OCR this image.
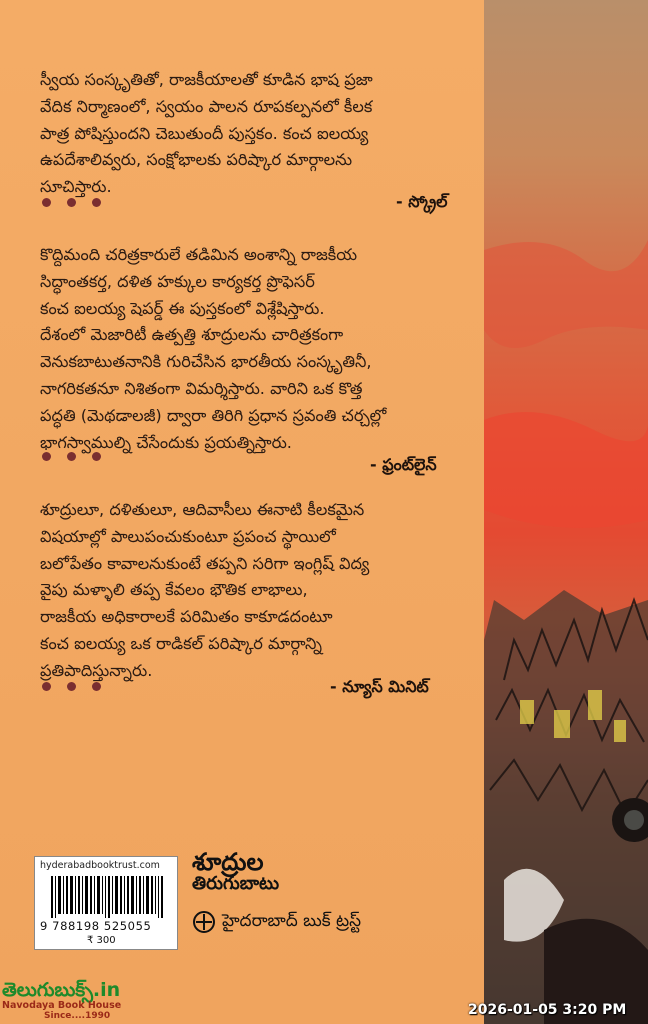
స్వీయ సంస్కృతితో, రాజకీయాలతో కూడిన భాష ప్రజా

వేదిక నిర్మాణంలో, స్వయం పాలన రూపకల్పనలో కీలక

పాత్ర పోషిస్తుందని చెబుతుందీ పుస్తకం. కంచ ఐలయ్య

ఉపదేశాలివ్వరు, సంక్షోభాలకు పరిష్కార మార్గాలను

సూచిస్తారు.

- స్క్రోల్

కొద్దిమంది చరిత్రకారులే తడిమిన అంశాన్ని రాజకీయ

సిద్ధాంతకర్త, దళిత హక్కుల కార్యకర్త ప్రొఫెసర్

కంచ ఐలయ్య షెపర్డ్ ఈ పుస్తకంలో విశ్లేషిస్తారు.

దేశంలో మెజారిటీ ఉత్పత్తి శూద్రులను చారిత్రకంగా

వెనుకబాటుతనానికి గురిచేసిన భారతీయ సంస్కృతినీ,

నాగరికతనూ నిశితంగా విమర్శిస్తారు. వారిని ఒక కొత్త

పద్ధతి (మెథడాలజీ) ద్వారా తిరిగి ప్రధాన స్రవంతి చర్చల్లో

భాగస్వాముల్ని చేసేందుకు ప్రయత్నిస్తారు.

- ఫ్రంట్‌లైన్

శూద్రులూ, దళితులూ, ఆదివాసీలు ఈనాటి కీలకమైన

విషయాల్లో పాలుపంచుకుంటూ ప్రపంచ స్థాయిలో

బలోపేతం కావాలనుకుంటే తప్పని సరిగా ఇంగ్లిష్ విద్య

వైపు మళ్ళాలి తప్ప కేవలం భౌతిక లాభాలు,

రాజకీయ అధికారాలకే పరిమితం కాకూడదంటూ

కంచ ఐలయ్య ఒక రాడికల్ పరిష్కార మార్గాన్ని

ప్రతిపాదిస్తున్నారు.

- న్యూస్ మినిట్
hyderabadbooktrust.com
9 788198 525055
₹ 300
శూద్రుల
తిరుగుబాటు
హైదరాబాద్ బుక్ ట్రస్ట్
తెలుగుబుక్స్.in
Navodaya Book House
Since....1990	2026-01-05 3:20 PM
